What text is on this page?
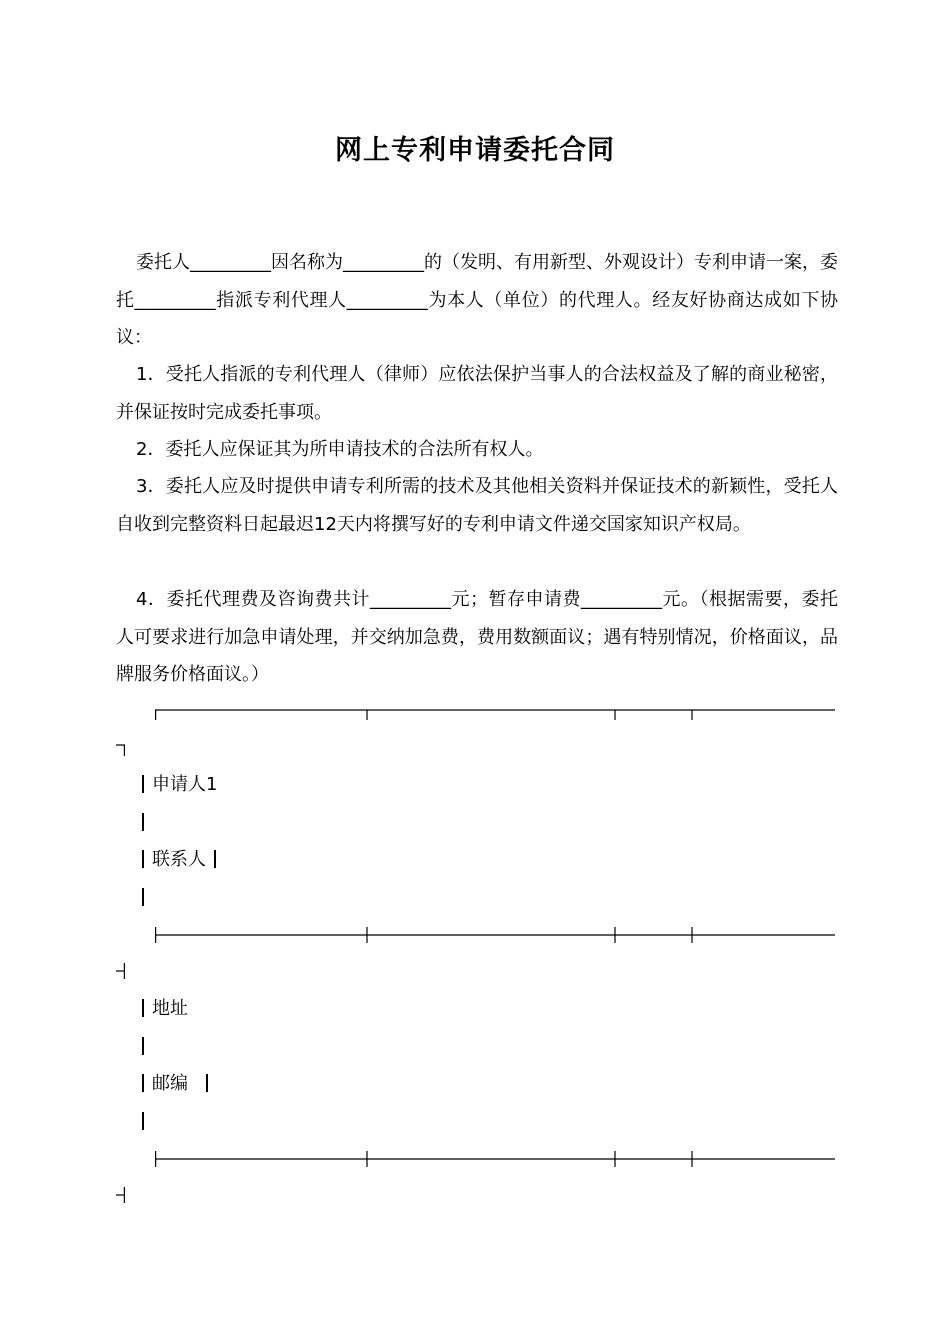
网上专利申请委托合同
委托人_________因名称为_________的（发明、有用新型、外观设计）专利申请一案，委托_________指派专利代理人_________为本人（单位）的代理人。经友好协商达成如下协议：
1．受托人指派的专利代理人（律师）应依法保护当事人的合法权益及了解的商业秘密，并保证按时完成委托事项。
2．委托人应保证其为所申请技术的合法所有权人。
3．委托人应及时提供申请专利所需的技术及其他相关资料并保证技术的新颖性，受托人自收到完整资料日起最迟12天内将撰写好的专利申请文件递交国家知识产权局。
4．委托代理费及咨询费共计_________元；暂存申请费_________元。（根据需要，委托人可要求进行加急申请处理，并交纳加急费，费用数额面议；遇有特别情况，价格面议，品牌服务价格面议。）
申请人1
联系人
地址
邮编
